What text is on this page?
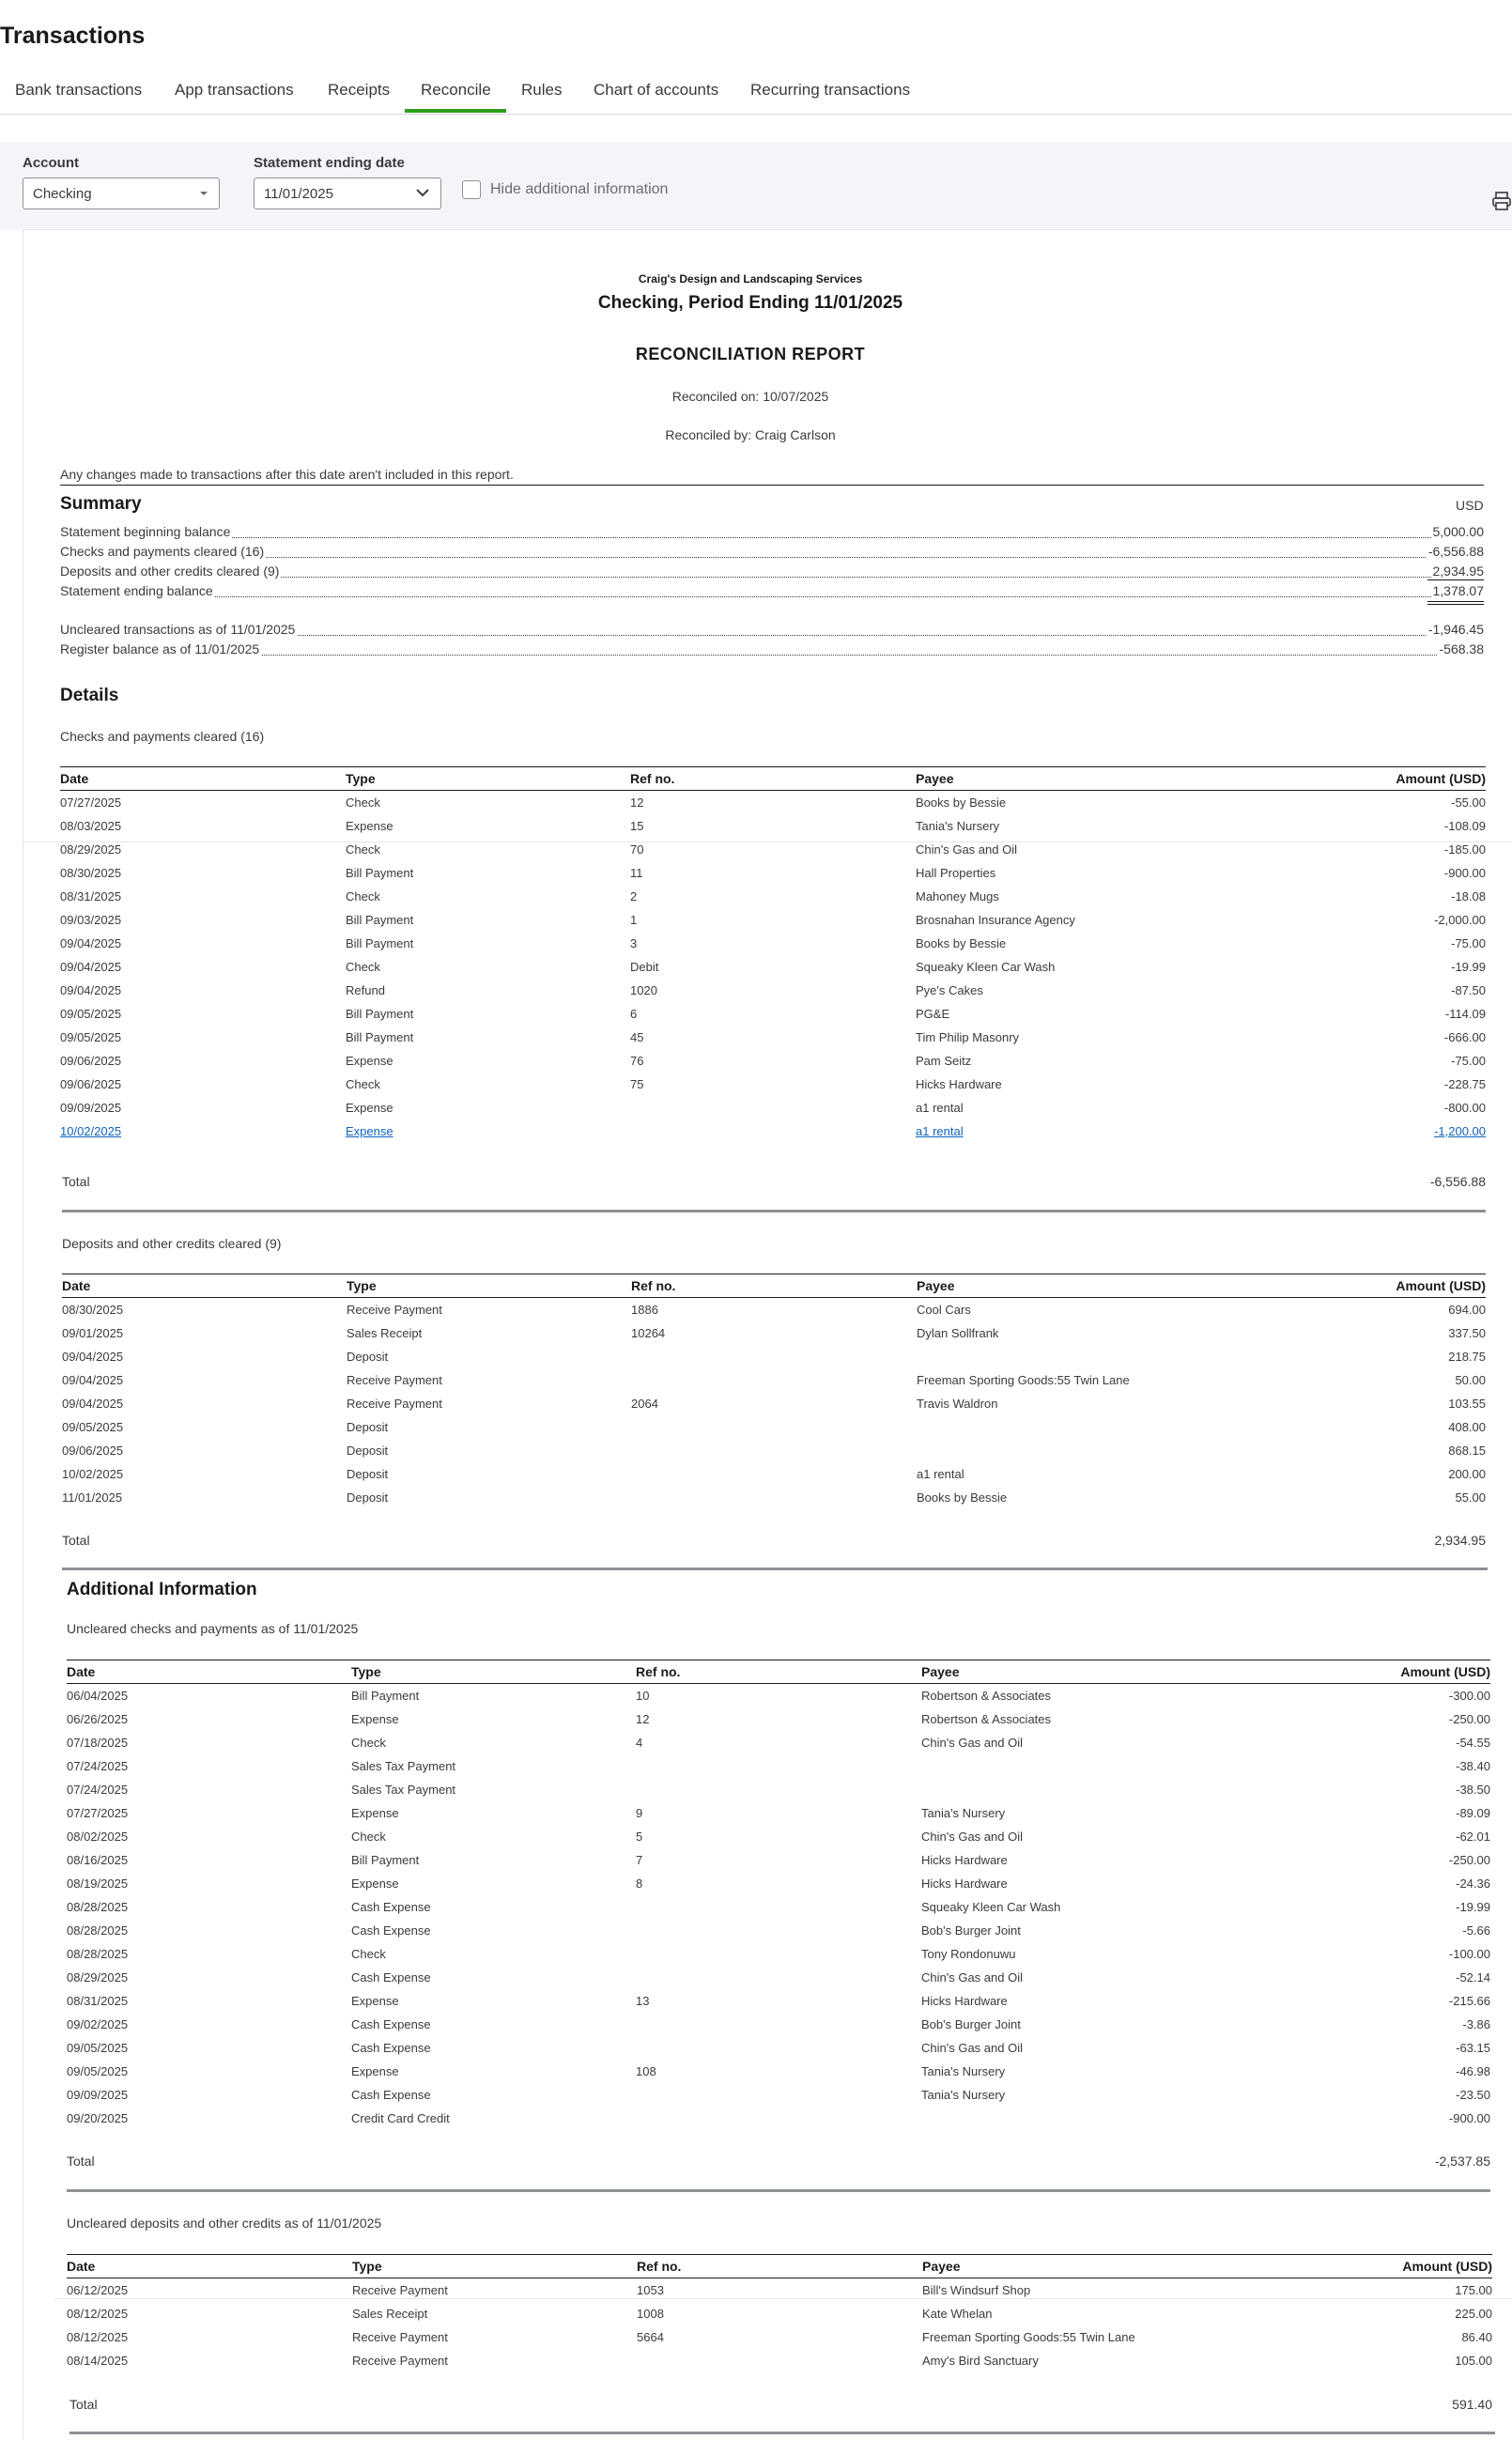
Transactions
Bank transactions App transactions Receipts Reconcile Rules Chart of accounts Recurring transactions
Account
Checking
Statement ending date
11/01/2025	Hide additional information
Craig's Design and Landscaping Services
Checking, Period Ending 11/01/2025
RECONCILIATION REPORT
Reconciled on: 10/07/2025
Reconciled by: Craig Carlson
Any changes made to transactions after this date aren't included in this report.
Summary	USD
Statement beginning balance	5,000.00
Checks and payments cleared (16)	-6,556.88
Deposits and other credits cleared (9)	2,934.95
Statement ending balance	1,378.07
Uncleared transactions as of 11/01/2025	-1,946.45
Register balance as of 11/01/2025	-568.38
Details
Checks and payments cleared (16)
Date	Type	Ref no.	Payee	Amount (USD)
07/27/2025	Check	12	Books by Bessie	-55.00
08/03/2025	Expense	15	Tania's Nursery	-108.09
08/29/2025	Check	70	Chin's Gas and Oil	-185.00
08/30/2025	Bill Payment	11	Hall Properties	-900.00
08/31/2025	Check	2	Mahoney Mugs	-18.08
09/03/2025	Bill Payment	1	Brosnahan Insurance Agency	-2,000.00
09/04/2025	Bill Payment	3	Books by Bessie	-75.00
09/04/2025	Check	Debit	Squeaky Kleen Car Wash	-19.99
09/04/2025	Refund	1020	Pye's Cakes	-87.50
09/05/2025	Bill Payment	6	PG&E	-114.09
09/05/2025	Bill Payment	45	Tim Philip Masonry	-666.00
09/06/2025	Expense	76	Pam Seitz	-75.00
09/06/2025	Check	75	Hicks Hardware	-228.75
09/09/2025	Expense		a1 rental	-800.00
10/02/2025	Expense		a1 rental	-1,200.00
Total	-6,556.88
Deposits and other credits cleared (9)
Date	Type	Ref no.	Payee	Amount (USD)
08/30/2025	Receive Payment	1886	Cool Cars	694.00
09/01/2025	Sales Receipt	10264	Dylan Sollfrank	337.50
09/04/2025	Deposit			218.75
09/04/2025	Receive Payment		Freeman Sporting Goods:55 Twin Lane	50.00
09/04/2025	Receive Payment	2064	Travis Waldron	103.55
09/05/2025	Deposit			408.00
09/06/2025	Deposit			868.15
10/02/2025	Deposit		a1 rental	200.00
11/01/2025	Deposit		Books by Bessie	55.00
Total	2,934.95
Additional Information
Uncleared checks and payments as of 11/01/2025
Date	Type	Ref no.	Payee	Amount (USD)
06/04/2025	Bill Payment	10	Robertson & Associates	-300.00
06/26/2025	Expense	12	Robertson & Associates	-250.00
07/18/2025	Check	4	Chin's Gas and Oil	-54.55
07/24/2025	Sales Tax Payment			-38.40
07/24/2025	Sales Tax Payment			-38.50
07/27/2025	Expense	9	Tania's Nursery	-89.09
08/02/2025	Check	5	Chin's Gas and Oil	-62.01
08/16/2025	Bill Payment	7	Hicks Hardware	-250.00
08/19/2025	Expense	8	Hicks Hardware	-24.36
08/28/2025	Cash Expense		Squeaky Kleen Car Wash	-19.99
08/28/2025	Cash Expense		Bob's Burger Joint	-5.66
08/28/2025	Check		Tony Rondonuwu	-100.00
08/29/2025	Cash Expense		Chin's Gas and Oil	-52.14
08/31/2025	Expense	13	Hicks Hardware	-215.66
09/02/2025	Cash Expense		Bob's Burger Joint	-3.86
09/05/2025	Cash Expense		Chin's Gas and Oil	-63.15
09/05/2025	Expense	108	Tania's Nursery	-46.98
09/09/2025	Cash Expense		Tania's Nursery	-23.50
09/20/2025	Credit Card Credit			-900.00
Total	-2,537.85
Uncleared deposits and other credits as of 11/01/2025
Date	Type	Ref no.	Payee	Amount (USD)
06/12/2025	Receive Payment	1053	Bill's Windsurf Shop	175.00
08/12/2025	Sales Receipt	1008	Kate Whelan	225.00
08/12/2025	Receive Payment	5664	Freeman Sporting Goods:55 Twin Lane	86.40
08/14/2025	Receive Payment		Amy's Bird Sanctuary	105.00
Total	591.40
